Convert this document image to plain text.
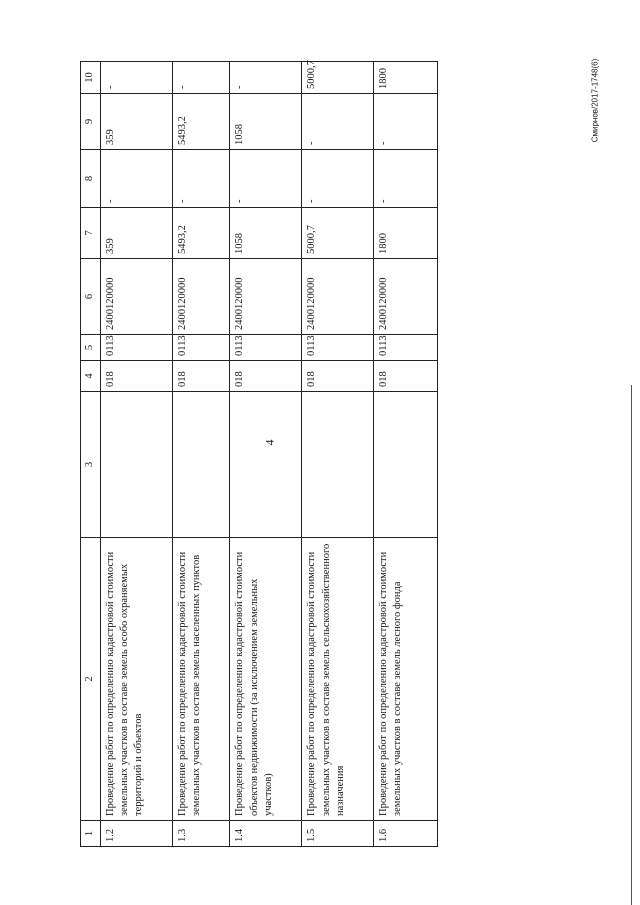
4
Смирнов/2017-1748(6)
1	2	3	4	5	6	7	8	9	10
1.2	Проведение работ по определению кадастровой стоимости земельных участков в составе земель особо охраняемых территорий и объектов		018	0113	2400120000	359	-	359	-
1.3	Проведение работ по определению кадастровой стоимости земельных участков в составе земель населенных пунктов		018	0113	2400120000	5493,2	-	5493,2	-
1.4	Проведение работ по определению кадастровой стоимости объектов недвижимости (за исключением земельных участков)		018	0113	2400120000	1058	-	1058	-
1.5	Проведение работ по определению кадастровой стоимости земельных участков в составе земель сельскохозяйственного назначения		018	0113	2400120000	5000,7	-	-	5000,7
1.6	Проведение работ по определению кадастровой стоимости земельных участков в составе земель лесного фонда		018	0113	2400120000	1800	-	-	1800
